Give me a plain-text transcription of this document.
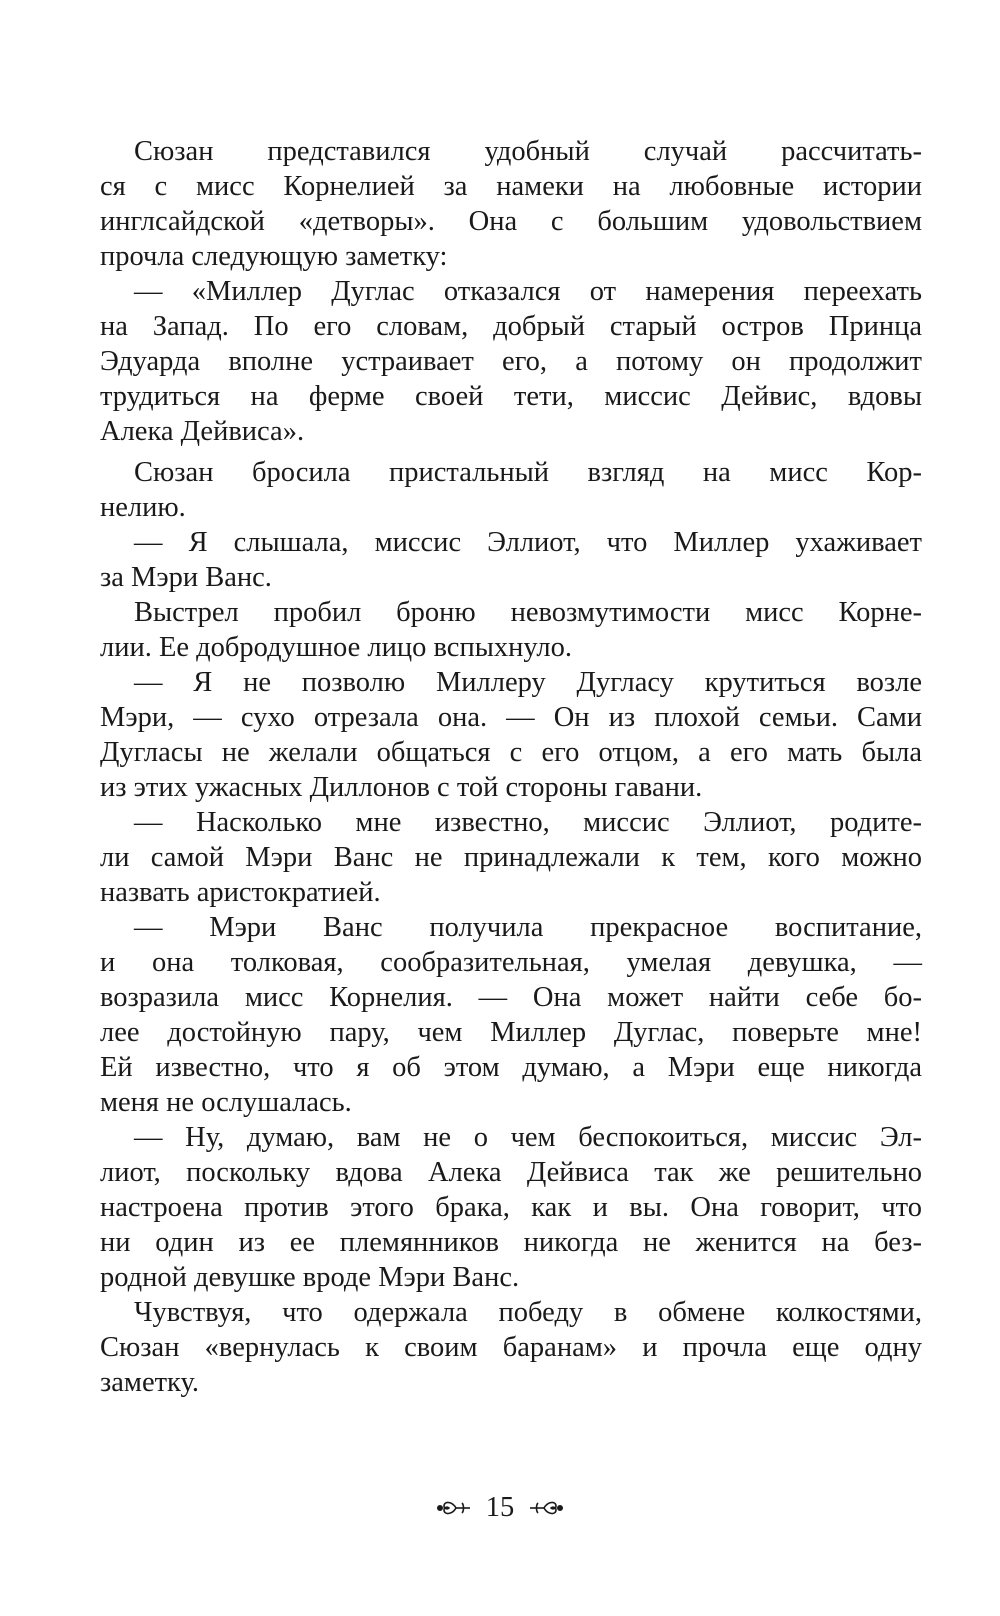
Сюзан представился удобный случай рассчитать-
ся с мисс Корнелией за намеки на любовные истории
инглсайдской «детворы». Она с большим удовольствием
прочла следующую заметку:
— «Миллер Дуглас отказался от намерения переехать
на Запад. По его словам, добрый старый остров Принца
Эдуарда вполне устраивает его, а потому он продолжит
трудиться на ферме своей тети, миссис Дейвис, вдовы
Алека Дейвиса».
Сюзан бросила пристальный взгляд на мисс Кор-
нелию.
— Я слышала, миссис Эллиот, что Миллер ухаживает
за Мэри Ванс.
Выстрел пробил броню невозмутимости мисс Корне-
лии. Ее добродушное лицо вспыхнуло.
— Я не позволю Миллеру Дугласу крутиться возле
Мэри, — сухо отрезала она. — Он из плохой семьи. Сами
Дугласы не желали общаться с его отцом, а его мать была
из этих ужасных Диллонов с той стороны гавани.
— Насколько мне известно, миссис Эллиот, родите-
ли самой Мэри Ванс не принадлежали к тем, кого можно
назвать аристократией.
— Мэри Ванс получила прекрасное воспитание,
и она толковая, сообразительная, умелая девушка, —
возразила мисс Корнелия. — Она может найти себе бо-
лее достойную пару, чем Миллер Дуглас, поверьте мне!
Ей известно, что я об этом думаю, а Мэри еще никогда
меня не ослушалась.
— Ну, думаю, вам не о чем беспокоиться, миссис Эл-
лиот, поскольку вдова Алека Дейвиса так же решительно
настроена против этого брака, как и вы. Она говорит, что
ни один из ее племянников никогда не женится на без-
родной девушке вроде Мэри Ванс.
Чувствуя, что одержала победу в обмене колкостями,
Сюзан «вернулась к своим баранам» и прочла еще одну
заметку.
15
